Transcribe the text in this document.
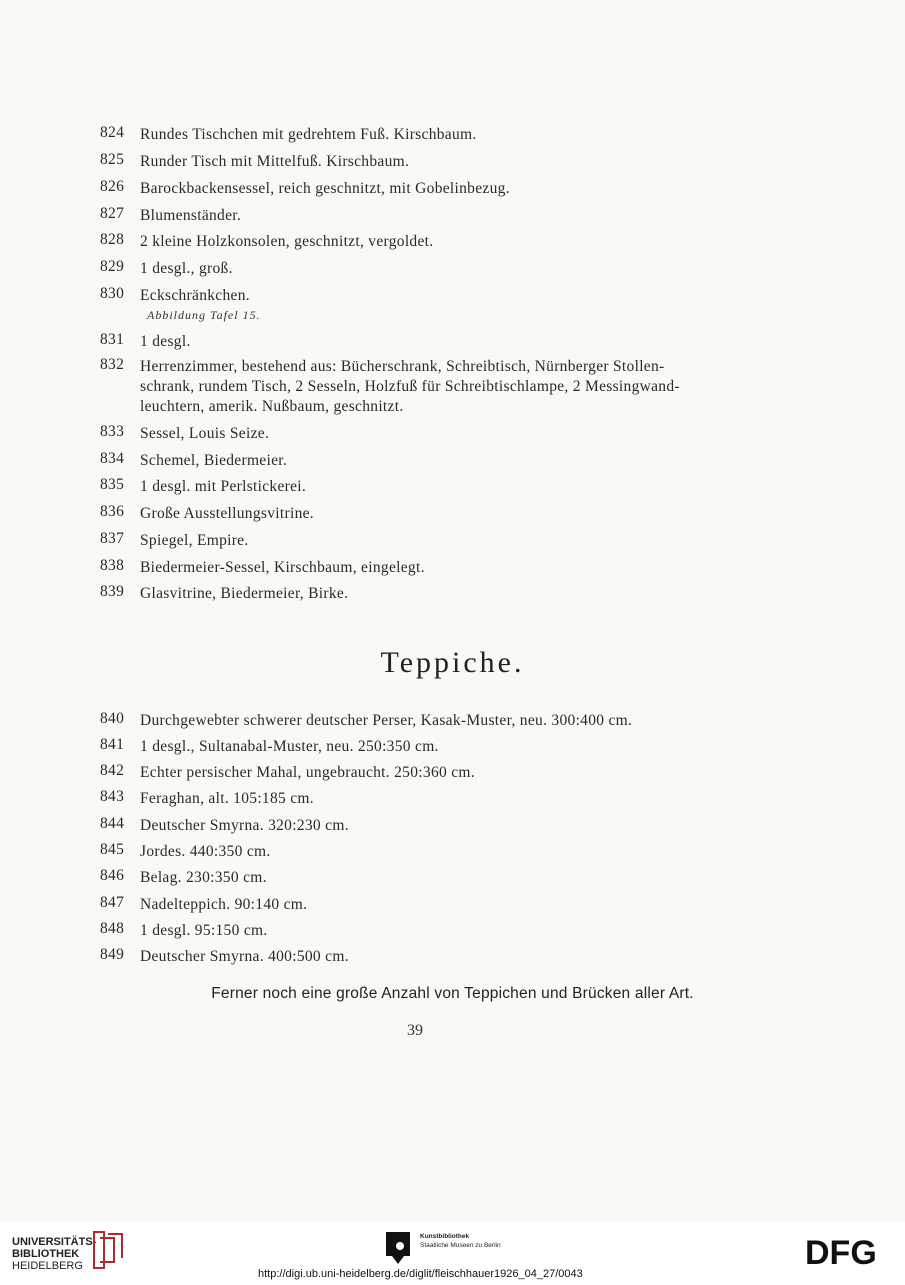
824	Rundes Tischchen mit gedrehtem Fuß. Kirschbaum.
825	Runder Tisch mit Mittelfuß. Kirschbaum.
826	Barockbackensessel, reich geschnitzt, mit Gobelinbezug.
827	Blumenständer.
828	2 kleine Holzkonsolen, geschnitzt, vergoldet.
829	1 desgl., groß.
830	Eckschränkchen.
Abbildung Tafel 15.
831	1 desgl.
832	Herrenzimmer, bestehend aus: Bücherschrank, Schreibtisch, Nürnberger Stollen-
schrank, rundem Tisch, 2 Sesseln, Holzfuß für Schreibtischlampe, 2 Messingwand-
leuchtern, amerik. Nußbaum, geschnitzt.
833	Sessel, Louis Seize.
834	Schemel, Biedermeier.
835	1 desgl. mit Perlstickerei.
836	Große Ausstellungsvitrine.
837	Spiegel, Empire.
838	Biedermeier-Sessel, Kirschbaum, eingelegt.
839	Glasvitrine, Biedermeier, Birke.
Teppiche.
840	Durchgewebter schwerer deutscher Perser, Kasak-Muster, neu. 300:400 cm.
841	1 desgl., Sultanabal-Muster, neu. 250:350 cm.
842	Echter persischer Mahal, ungebraucht. 250:360 cm.
843	Feraghan, alt. 105:185 cm.
844	Deutscher Smyrna. 320:230 cm.
845	Jordes. 440:350 cm.
846	Belag. 230:350 cm.
847	Nadelteppich. 90:140 cm.
848	1 desgl. 95:150 cm.
849	Deutscher Smyrna. 400:500 cm.
Ferner noch eine große Anzahl von Teppichen und Brücken aller Art.
39
UNIVERSITÄTS-
BIBLIOTHEK
HEIDELBERG
Kunstbibliothek
Staatliche Museen zu Berlin	DFG
http://digi.ub.uni-heidelberg.de/diglit/fleischhauer1926_04_27/0043
